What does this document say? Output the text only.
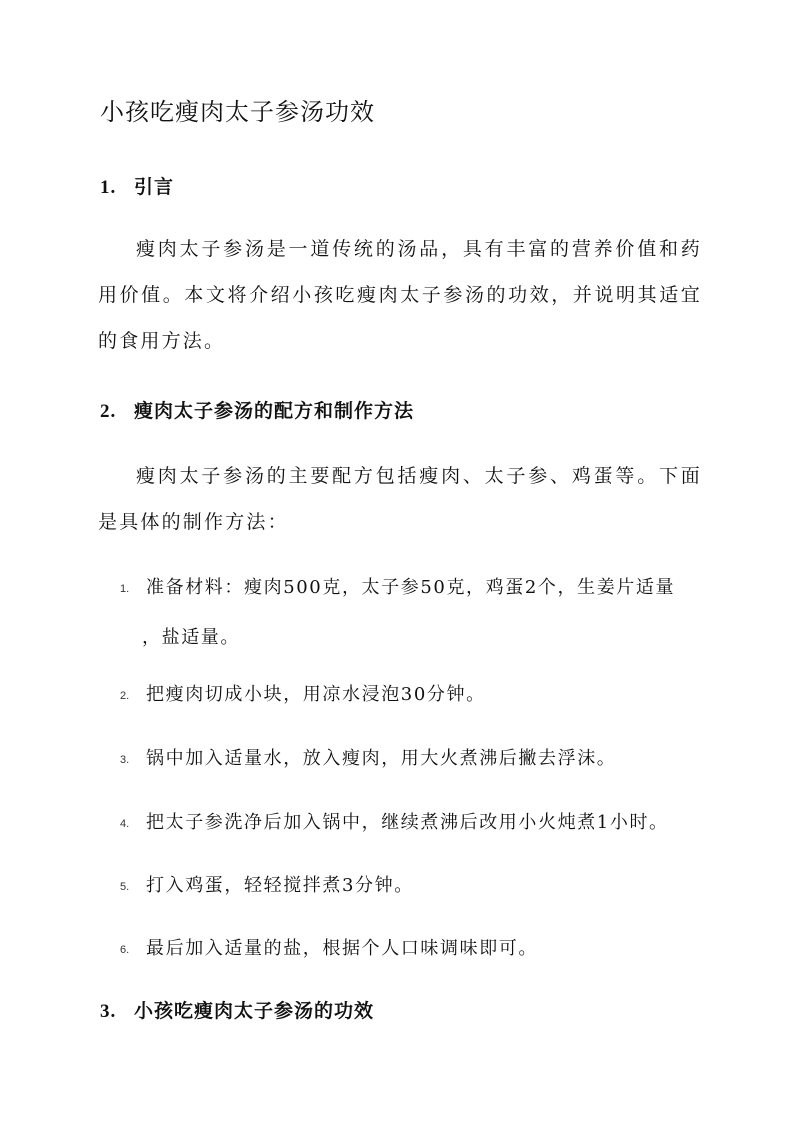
小孩吃瘦肉太子参汤功效
1. 引言

瘦肉太子参汤是一道传统的汤品，具有丰富的营养价值和药用价值。本文将介绍小孩吃瘦肉太子参汤的功效，并说明其适宜的食用方法。

2. 瘦肉太子参汤的配方和制作方法

瘦肉太子参汤的主要配方包括瘦肉、太子参、鸡蛋等。下面是具体的制作方法：

1. 准备材料：瘦肉500克，太子参50克，鸡蛋2个，生姜片适量
，盐适量。
2. 把瘦肉切成小块，用凉水浸泡30分钟。
3. 锅中加入适量水，放入瘦肉，用大火煮沸后撇去浮沫。
4. 把太子参洗净后加入锅中，继续煮沸后改用小火炖煮1小时。
5. 打入鸡蛋，轻轻搅拌煮3分钟。
6. 最后加入适量的盐，根据个人口味调味即可。
3. 小孩吃瘦肉太子参汤的功效
